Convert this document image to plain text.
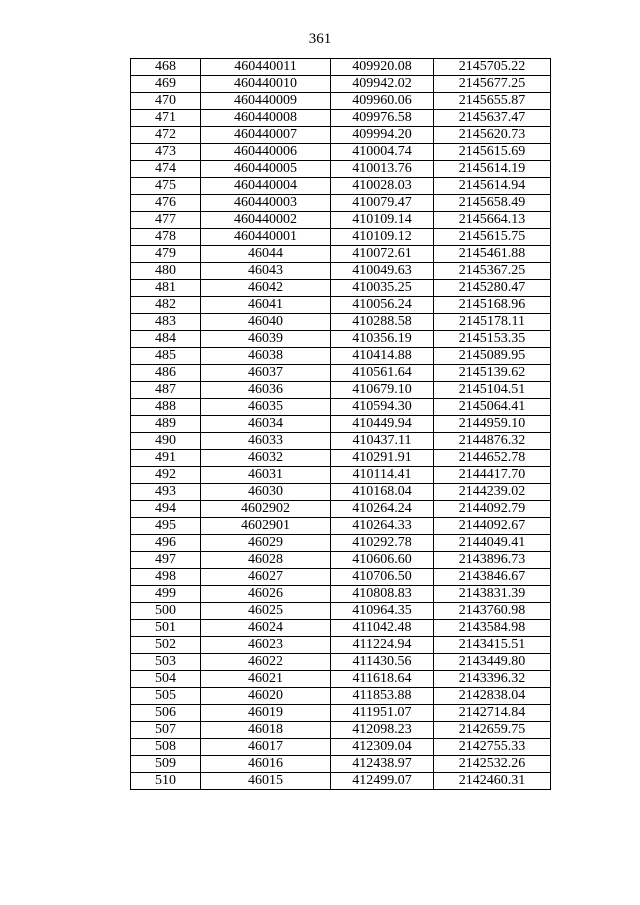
361
468	460440011	409920.08	2145705.22
469	460440010	409942.02	2145677.25
470	460440009	409960.06	2145655.87
471	460440008	409976.58	2145637.47
472	460440007	409994.20	2145620.73
473	460440006	410004.74	2145615.69
474	460440005	410013.76	2145614.19
475	460440004	410028.03	2145614.94
476	460440003	410079.47	2145658.49
477	460440002	410109.14	2145664.13
478	460440001	410109.12	2145615.75
479	46044	410072.61	2145461.88
480	46043	410049.63	2145367.25
481	46042	410035.25	2145280.47
482	46041	410056.24	2145168.96
483	46040	410288.58	2145178.11
484	46039	410356.19	2145153.35
485	46038	410414.88	2145089.95
486	46037	410561.64	2145139.62
487	46036	410679.10	2145104.51
488	46035	410594.30	2145064.41
489	46034	410449.94	2144959.10
490	46033	410437.11	2144876.32
491	46032	410291.91	2144652.78
492	46031	410114.41	2144417.70
493	46030	410168.04	2144239.02
494	4602902	410264.24	2144092.79
495	4602901	410264.33	2144092.67
496	46029	410292.78	2144049.41
497	46028	410606.60	2143896.73
498	46027	410706.50	2143846.67
499	46026	410808.83	2143831.39
500	46025	410964.35	2143760.98
501	46024	411042.48	2143584.98
502	46023	411224.94	2143415.51
503	46022	411430.56	2143449.80
504	46021	411618.64	2143396.32
505	46020	411853.88	2142838.04
506	46019	411951.07	2142714.84
507	46018	412098.23	2142659.75
508	46017	412309.04	2142755.33
509	46016	412438.97	2142532.26
510	46015	412499.07	2142460.31
